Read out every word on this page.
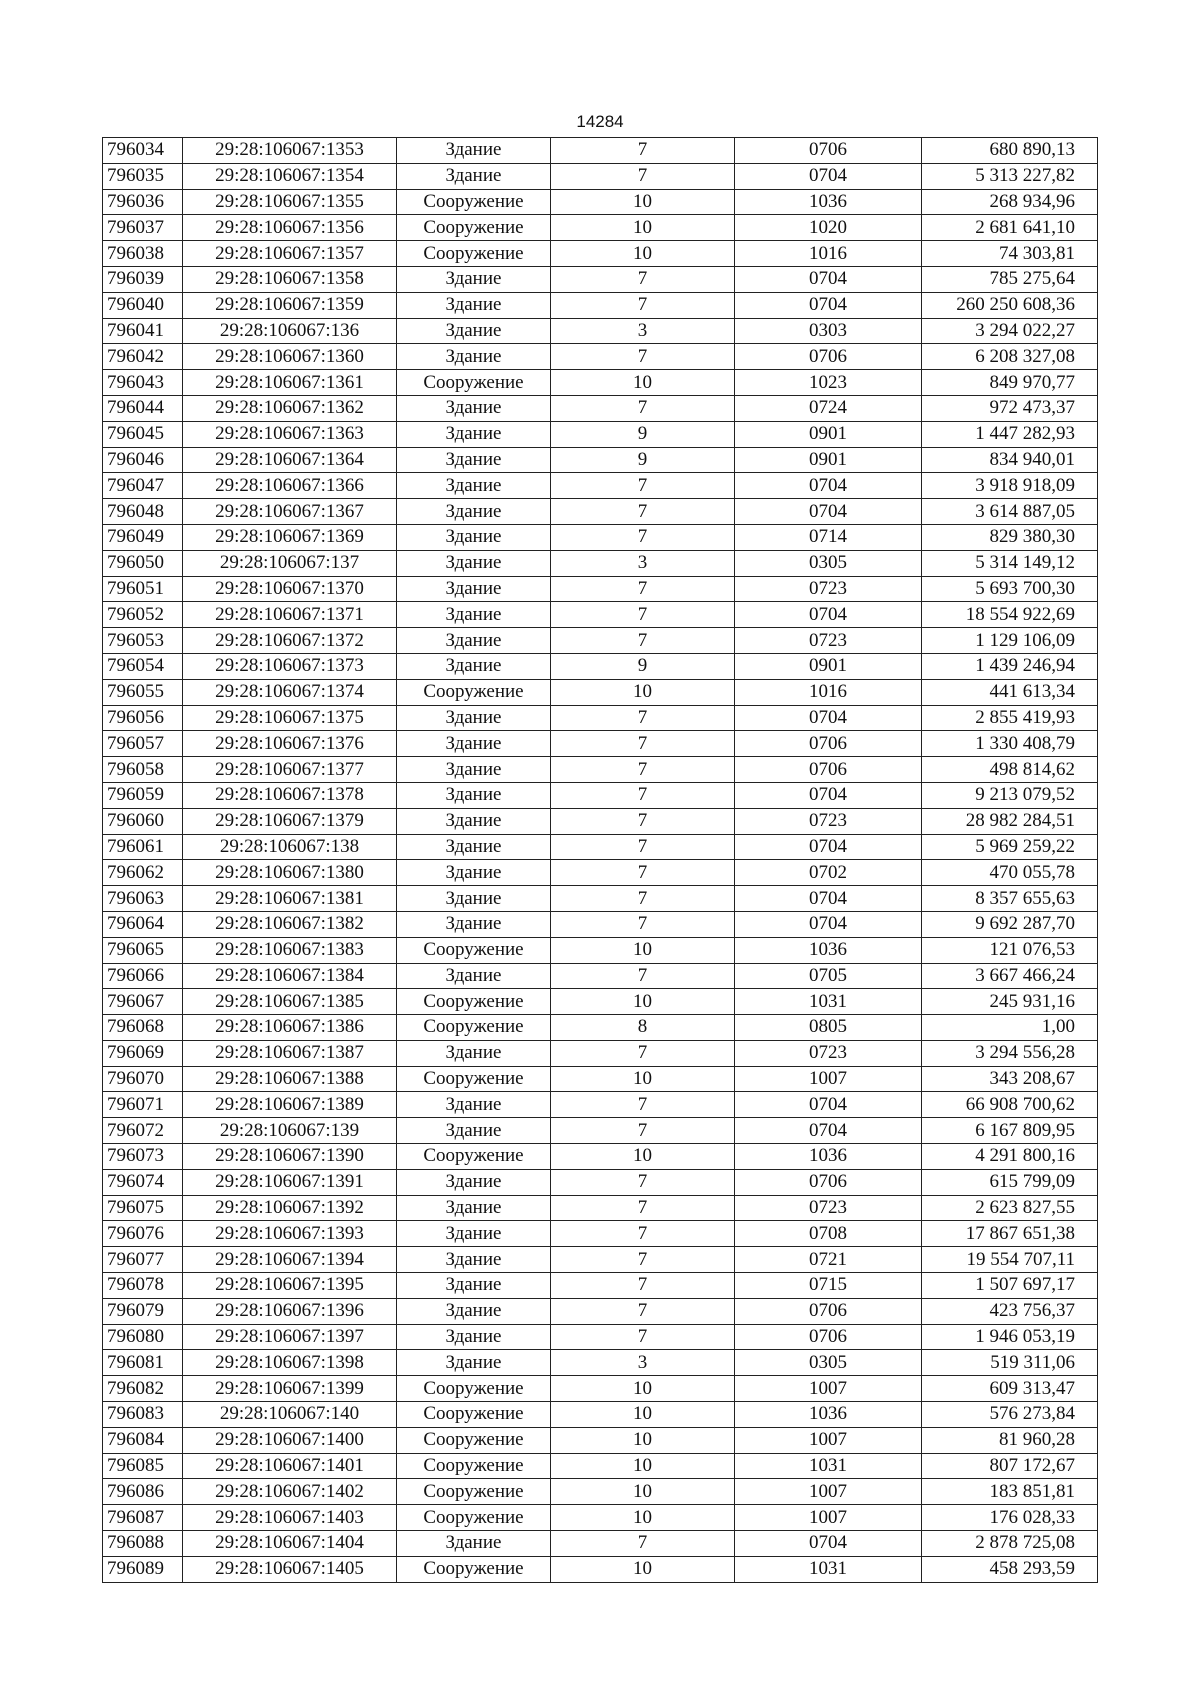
14284
796034	29:28:106067:1353	Здание	7	0706	680 890,13
796035	29:28:106067:1354	Здание	7	0704	5 313 227,82
796036	29:28:106067:1355	Сооружение	10	1036	268 934,96
796037	29:28:106067:1356	Сооружение	10	1020	2 681 641,10
796038	29:28:106067:1357	Сооружение	10	1016	74 303,81
796039	29:28:106067:1358	Здание	7	0704	785 275,64
796040	29:28:106067:1359	Здание	7	0704	260 250 608,36
796041	29:28:106067:136	Здание	3	0303	3 294 022,27
796042	29:28:106067:1360	Здание	7	0706	6 208 327,08
796043	29:28:106067:1361	Сооружение	10	1023	849 970,77
796044	29:28:106067:1362	Здание	7	0724	972 473,37
796045	29:28:106067:1363	Здание	9	0901	1 447 282,93
796046	29:28:106067:1364	Здание	9	0901	834 940,01
796047	29:28:106067:1366	Здание	7	0704	3 918 918,09
796048	29:28:106067:1367	Здание	7	0704	3 614 887,05
796049	29:28:106067:1369	Здание	7	0714	829 380,30
796050	29:28:106067:137	Здание	3	0305	5 314 149,12
796051	29:28:106067:1370	Здание	7	0723	5 693 700,30
796052	29:28:106067:1371	Здание	7	0704	18 554 922,69
796053	29:28:106067:1372	Здание	7	0723	1 129 106,09
796054	29:28:106067:1373	Здание	9	0901	1 439 246,94
796055	29:28:106067:1374	Сооружение	10	1016	441 613,34
796056	29:28:106067:1375	Здание	7	0704	2 855 419,93
796057	29:28:106067:1376	Здание	7	0706	1 330 408,79
796058	29:28:106067:1377	Здание	7	0706	498 814,62
796059	29:28:106067:1378	Здание	7	0704	9 213 079,52
796060	29:28:106067:1379	Здание	7	0723	28 982 284,51
796061	29:28:106067:138	Здание	7	0704	5 969 259,22
796062	29:28:106067:1380	Здание	7	0702	470 055,78
796063	29:28:106067:1381	Здание	7	0704	8 357 655,63
796064	29:28:106067:1382	Здание	7	0704	9 692 287,70
796065	29:28:106067:1383	Сооружение	10	1036	121 076,53
796066	29:28:106067:1384	Здание	7	0705	3 667 466,24
796067	29:28:106067:1385	Сооружение	10	1031	245 931,16
796068	29:28:106067:1386	Сооружение	8	0805	1,00
796069	29:28:106067:1387	Здание	7	0723	3 294 556,28
796070	29:28:106067:1388	Сооружение	10	1007	343 208,67
796071	29:28:106067:1389	Здание	7	0704	66 908 700,62
796072	29:28:106067:139	Здание	7	0704	6 167 809,95
796073	29:28:106067:1390	Сооружение	10	1036	4 291 800,16
796074	29:28:106067:1391	Здание	7	0706	615 799,09
796075	29:28:106067:1392	Здание	7	0723	2 623 827,55
796076	29:28:106067:1393	Здание	7	0708	17 867 651,38
796077	29:28:106067:1394	Здание	7	0721	19 554 707,11
796078	29:28:106067:1395	Здание	7	0715	1 507 697,17
796079	29:28:106067:1396	Здание	7	0706	423 756,37
796080	29:28:106067:1397	Здание	7	0706	1 946 053,19
796081	29:28:106067:1398	Здание	3	0305	519 311,06
796082	29:28:106067:1399	Сооружение	10	1007	609 313,47
796083	29:28:106067:140	Сооружение	10	1036	576 273,84
796084	29:28:106067:1400	Сооружение	10	1007	81 960,28
796085	29:28:106067:1401	Сооружение	10	1031	807 172,67
796086	29:28:106067:1402	Сооружение	10	1007	183 851,81
796087	29:28:106067:1403	Сооружение	10	1007	176 028,33
796088	29:28:106067:1404	Здание	7	0704	2 878 725,08
796089	29:28:106067:1405	Сооружение	10	1031	458 293,59
